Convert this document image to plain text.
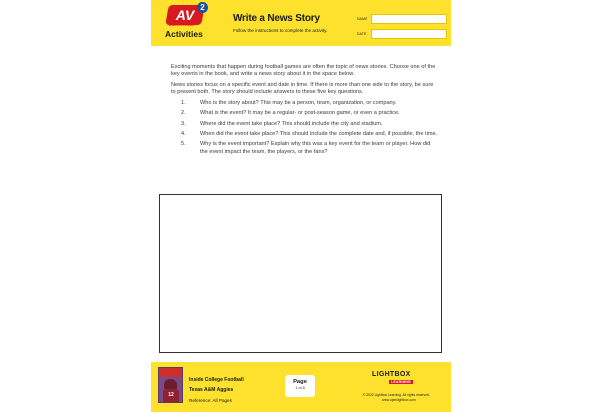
AV 2
AUDIOVISUAL
Activities
Write a News Story
Follow the instructions to complete the activity.
NAME
DATE

Exciting moments that happen during football games are often the topic of news stories. Choose one of the key events in the book, and write a news story about it in the space below.

News stories focus on a specific event and date in time. If there is more than one side to the story, be sure to present both. The story should include answers to these five key questions.

1.	Who is the story about? This may be a person, team, organization, or company.
2.	What is the event? It may be a regular- or post-season game, or even a practice.
3.	Where did the event take place? This should include the city and stadium.
4.	When did the event take place? This should include the complete date and, if possible, the time.
5.	Why is the event important? Explain why this was a key event for the team or player. How did the event impact the team, the players, or the fans?
12
Inside College Football
Texas A&M Aggies
Reference: All Pages
Page
1 of 8
LIGHTBOX
LEARNING
© 2022 Lightbox Learning. All rights reserved.
www.openlightbox.com
